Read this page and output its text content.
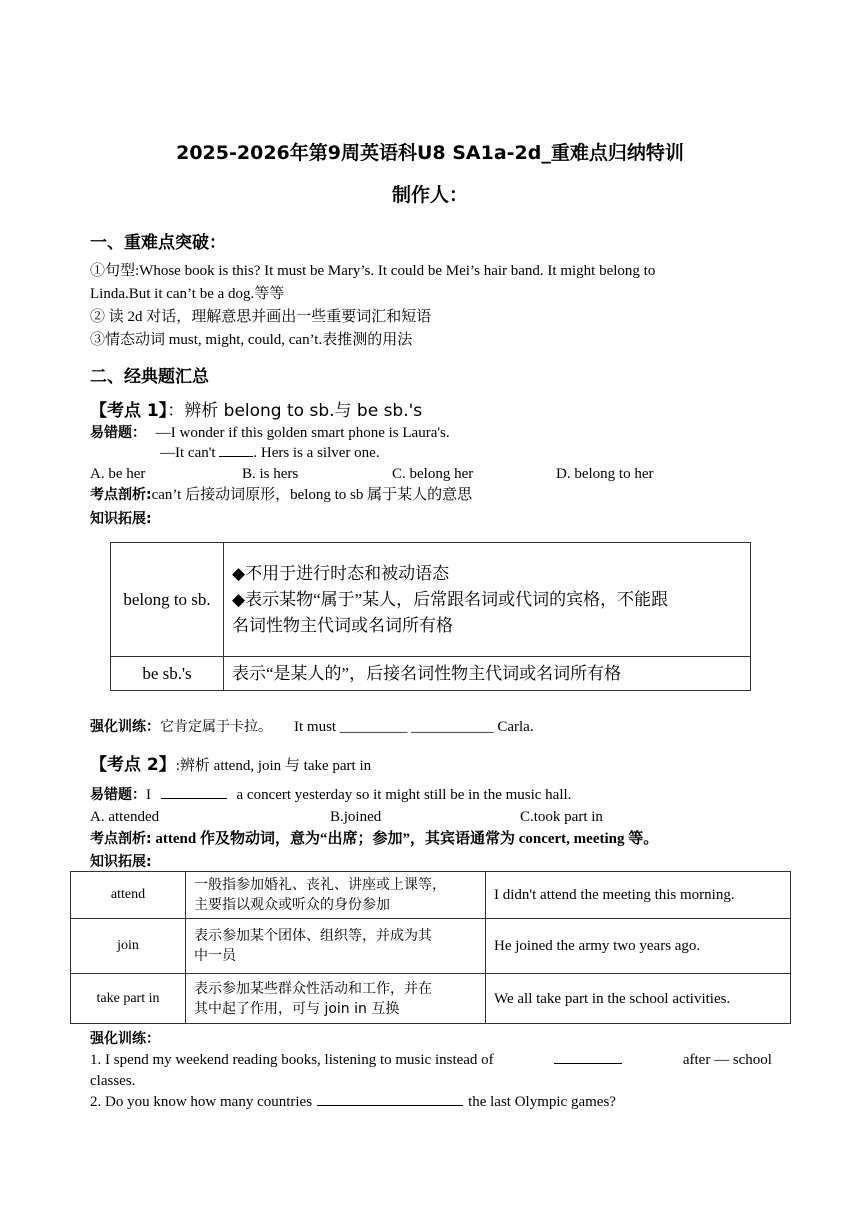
2025-2026年第9周英语科U8 SA1a-2d_重难点归纳特训
制作人：
一、重难点突破：
①句型:Whose book is this? It must be Mary’s. It could be Mei’s hair band. It might belong to
Linda.But it can’t be a dog.等等
② 读 2d 对话，理解意思并画出一些重要词汇和短语
③情态动词 must, might, could, can’t.表推测的用法
二、经典题汇总
【考点 1】：辨析 belong to sb.与 be sb.'s
易错题： —I wonder if this golden smart phone is Laura's.
—It can't . Hers is a silver one.
A. be her	B. is hers	C. belong her	D. belong to her
考点剖析:can’t 后接动词原形，belong to sb 属于某人的意思
知识拓展:
belong to sb.	◆不用于进行时态和被动语态
◆表示某物“属于”某人，后常跟名词或代词的宾格，不能跟
名词性物主代词或名词所有格

be sb.'s	表示“是某人的”，后接名词性物主代词或名词所有格
强化训练：它肯定属于卡拉。 It must _________ ___________ Carla.
【考点 2】:辨析 attend, join 与 take part in
易错题：I	a concert yesterday so it might still be in the music hall.
A. attended	B.joined	C.took part in
考点剖析: attend 作及物动词，意为“出席；参加”，其宾语通常为 concert, meeting 等。
知识拓展:
attend	一般指参加婚礼、丧礼、讲座或上课等，
主要指以观众或听众的身份参加	I didn't attend the meeting this morning.
join	表示参加某个团体、组织等，并成为其
中一员	He joined the army two years ago.
take part in	表示参加某些群众性活动和工作，并在
其中起了作用，可与 join in 互换	We all take part in the school activities.
强化训练：
1. I spend my weekend reading books, listening to music instead of	after — school
classes.
2. Do you know how many countries	the last Olympic games?
